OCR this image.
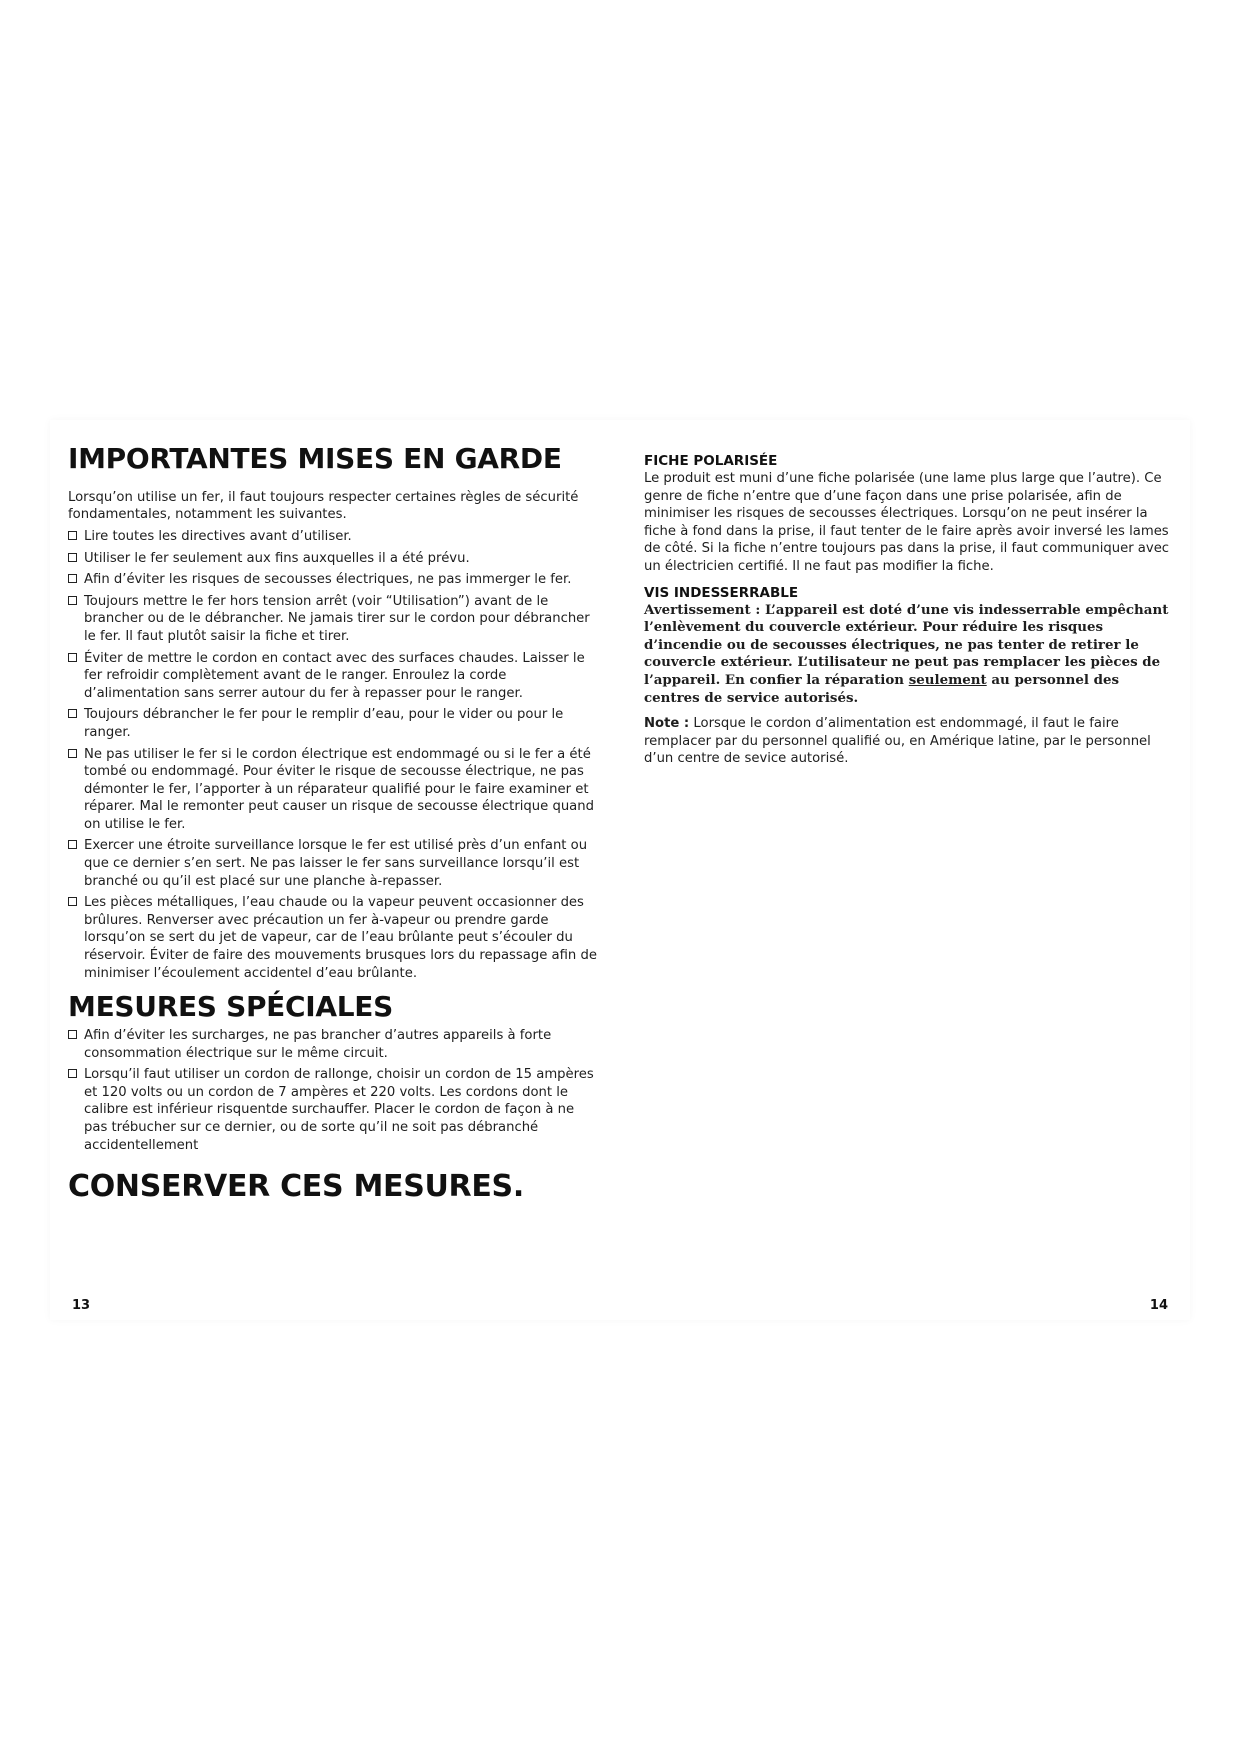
IMPORTANTES MISES EN GARDE

Lorsqu’on utilise un fer, il faut toujours respecter certaines règles de sécurité fondamentales, notamment les suivantes.

Lire toutes les directives avant d’utiliser.
Utiliser le fer seulement aux fins auxquelles il a été prévu.
Afin d’éviter les risques de secousses électriques, ne pas immerger le fer.
Toujours mettre le fer hors tension arrêt (voir “Utilisation”) avant de le brancher ou de le débrancher. Ne jamais tirer sur le cordon pour débrancher le fer. Il faut plutôt saisir la fiche et tirer.
Éviter de mettre le cordon en contact avec des surfaces chaudes. Laisser le fer refroidir complètement avant de le ranger. Enroulez la corde d’alimentation sans serrer autour du fer à repasser pour le ranger.
Toujours débrancher le fer pour le remplir d’eau, pour le vider ou pour le ranger.
Ne pas utiliser le fer si le cordon électrique est endommagé ou si le fer a été tombé ou endommagé. Pour éviter le risque de secousse électrique, ne pas démonter le fer, l’apporter à un réparateur qualifié pour le faire examiner et réparer. Mal le remonter peut causer un risque de secousse électrique quand on utilise le fer.
Exercer une étroite surveillance lorsque le fer est utilisé près d’un enfant ou que ce dernier s’en sert. Ne pas laisser le fer sans surveillance lorsqu’il est branché ou qu’il est placé sur une planche à-repasser.
Les pièces métalliques, l’eau chaude ou la vapeur peuvent occasionner des brûlures. Renverser avec précaution un fer à-vapeur ou prendre garde lorsqu’on se sert du jet de vapeur, car de l’eau brûlante peut s’écouler du réservoir. Éviter de faire des mouvements brusques lors du repassage afin de minimiser l’écoulement accidentel d’eau brûlante.
MESURES SPÉCIALES
Afin d’éviter les surcharges, ne pas brancher d’autres appareils à forte consommation électrique sur le même circuit.
Lorsqu’il faut utiliser un cordon de rallonge, choisir un cordon de 15 ampères et 120 volts ou un cordon de 7 ampères et 220 volts. Les cordons dont le calibre est inférieur risquentde surchauffer. Placer le cordon de façon à ne pas trébucher sur ce dernier, ou de sorte qu’il ne soit pas débranché accidentellement
CONSERVER CES MESURES.
FICHE POLARISÉE

Le produit est muni d’une fiche polarisée (une lame plus large que l’autre). Ce genre de fiche n’entre que d’une façon dans une prise polarisée, afin de minimiser les risques de secousses électriques. Lorsqu’on ne peut insérer la fiche à fond dans la prise, il faut tenter de le faire après avoir inversé les lames de côté. Si la fiche n’entre toujours pas dans la prise, il faut communiquer avec un électricien certifié. Il ne faut pas modifier la fiche.

VIS INDESSERRABLE

Avertissement : L’appareil est doté d’une vis indesserrable empêchant l’enlèvement du couvercle extérieur. Pour réduire les risques d’incendie ou de secousses électriques, ne pas tenter de retirer le couvercle extérieur. L’utilisateur ne peut pas remplacer les pièces de l’appareil. En confier la réparation seulement au personnel des centres de service autorisés.

Note : Lorsque le cordon d’alimentation est endommagé, il faut le faire remplacer par du personnel qualifié ou, en Amérique latine, par le personnel d’un centre de sevice autorisé.

13	14
